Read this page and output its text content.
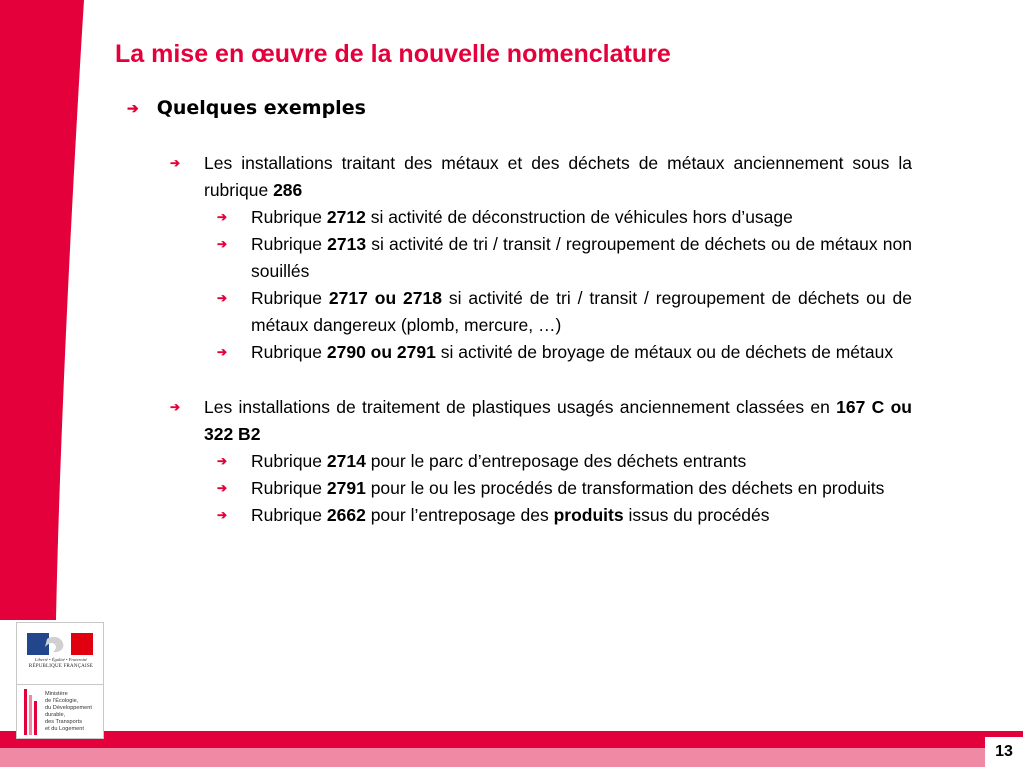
13
Liberté • Égalité • Fraternité
RÉPUBLIQUE FRANÇAISE
Ministère
de l’Écologie,
du Développement
durable,
des Transports
et du Logement
La mise en œuvre de la nouvelle nomenclature
➔ Quelques exemples
➔	Les installations traitant des métaux et des déchets de métaux anciennement sous la rubrique 286
➔	Rubrique 2712 si activité de déconstruction de véhicules hors d’usage
➔	Rubrique 2713 si activité de tri / transit / regroupement de déchets ou de métaux non souillés
➔	Rubrique 2717 ou 2718 si activité de tri / transit / regroupement de déchets ou de métaux dangereux (plomb, mercure, …)
➔	Rubrique 2790 ou 2791 si activité de broyage de métaux ou de déchets de métaux
➔	Les installations de traitement de plastiques usagés anciennement classées en 167 C ou 322 B2
➔	Rubrique 2714 pour le parc d’entreposage des déchets entrants
➔	Rubrique 2791 pour le ou les procédés de transformation des déchets en produits
➔	Rubrique 2662 pour l’entreposage des produits issus du procédés
